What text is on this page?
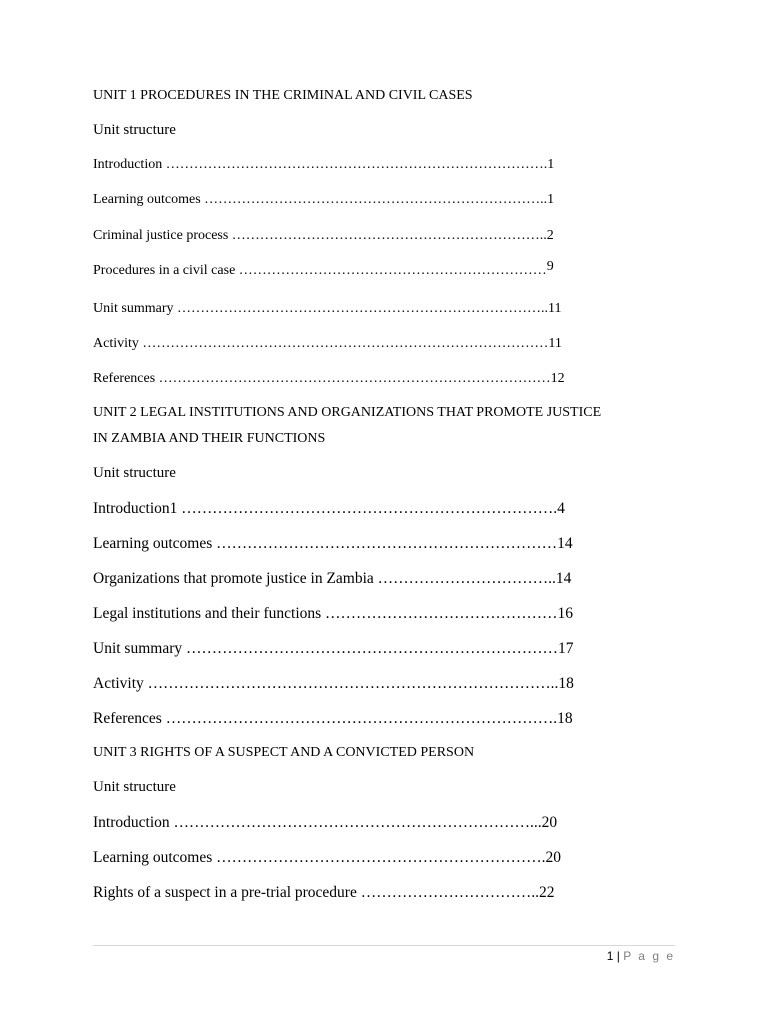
UNIT 1 PROCEDURES IN THE CRIMINAL AND CIVIL CASES
Unit structure
Introduction ……………………………………………………………………….1
Learning outcomes ………………………………………………………………..1
Criminal justice process …………………………………………………………..2
Procedures in a civil case …………………………………………………………9
Unit summary ……………………………………………………………………..11
Activity ……………………………………………………………………………11
References …………………………………………………………………………12
UNIT 2 LEGAL INSTITUTIONS AND ORGANIZATIONS THAT PROMOTE JUSTICE
IN ZAMBIA AND THEIR FUNCTIONS
Unit structure
Introduction1 ……………………………………………………………….4
Learning outcomes …………………………………………………………14
Organizations that promote justice in Zambia ……………………………..14
Legal institutions and their functions ………………………………………16
Unit summary ………………………………………………………………17
Activity ……………………………………………………………………..18
References ………………………………………………………………….18
UNIT 3 RIGHTS OF A SUSPECT AND A CONVICTED PERSON
Unit structure
Introduction ……………………………………………………………...20
Learning outcomes ……………………………………………………….20
Rights of a suspect in a pre-trial procedure ……………………………..22
1 | P a g e
